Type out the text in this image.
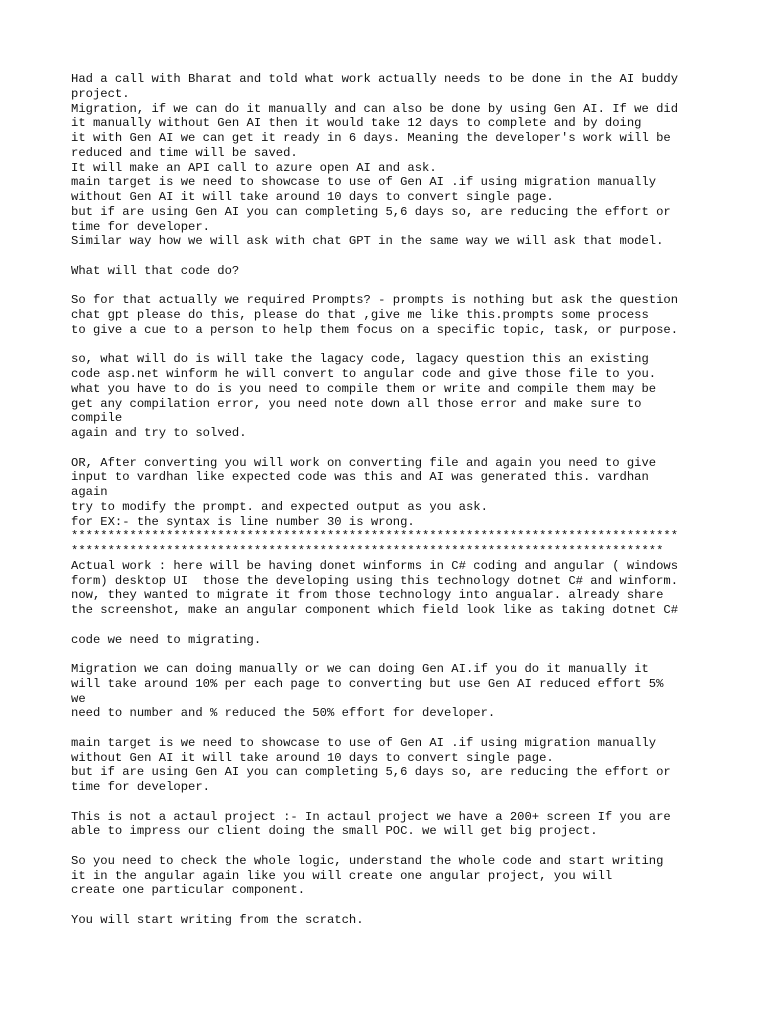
Had a call with Bharat and told what work actually needs to be done in the AI buddy
project.
Migration, if we can do it manually and can also be done by using Gen AI. If we did
it manually without Gen AI then it would take 12 days to complete and by doing
it with Gen AI we can get it ready in 6 days. Meaning the developer's work will be
reduced and time will be saved.
It will make an API call to azure open AI and ask.
main target is we need to showcase to use of Gen AI .if using migration manually
without Gen AI it will take around 10 days to convert single page.
but if are using Gen AI you can completing 5,6 days so, are reducing the effort or
time for developer.
Similar way how we will ask with chat GPT in the same way we will ask that model.
What will that code do?
So for that actually we required Prompts? - prompts is nothing but ask the question
chat gpt please do this, please do that ,give me like this.prompts some process
to give a cue to a person to help them focus on a specific topic, task, or purpose.
so, what will do is will take the lagacy code, lagacy question this an existing
code asp.net winform he will convert to angular code and give those file to you.
what you have to do is you need to compile them or write and compile them may be
get any compilation error, you need note down all those error and make sure to
compile
again and try to solved.
OR, After converting you will work on converting file and again you need to give
input to vardhan like expected code was this and AI was generated this. vardhan
again
try to modify the prompt. and expected output as you ask.
for EX:- the syntax is line number 30 is wrong.
***********************************************************************************
*********************************************************************************
Actual work : here will be having donet winforms in C# coding and angular ( windows
form) desktop UI  those the developing using this technology dotnet C# and winform.
now, they wanted to migrate it from those technology into angualar. already share
the screenshot, make an angular component which field look like as taking dotnet C#
code we need to migrating.
Migration we can doing manually or we can doing Gen AI.if you do it manually it
will take around 10% per each page to converting but use Gen AI reduced effort 5%
we
need to number and % reduced the 50% effort for developer.
main target is we need to showcase to use of Gen AI .if using migration manually
without Gen AI it will take around 10 days to convert single page.
but if are using Gen AI you can completing 5,6 days so, are reducing the effort or
time for developer.
This is not a actaul project :- In actaul project we have a 200+ screen If you are
able to impress our client doing the small POC. we will get big project.
So you need to check the whole logic, understand the whole code and start writing
it in the angular again like you will create one angular project, you will
create one particular component.
You will start writing from the scratch.
